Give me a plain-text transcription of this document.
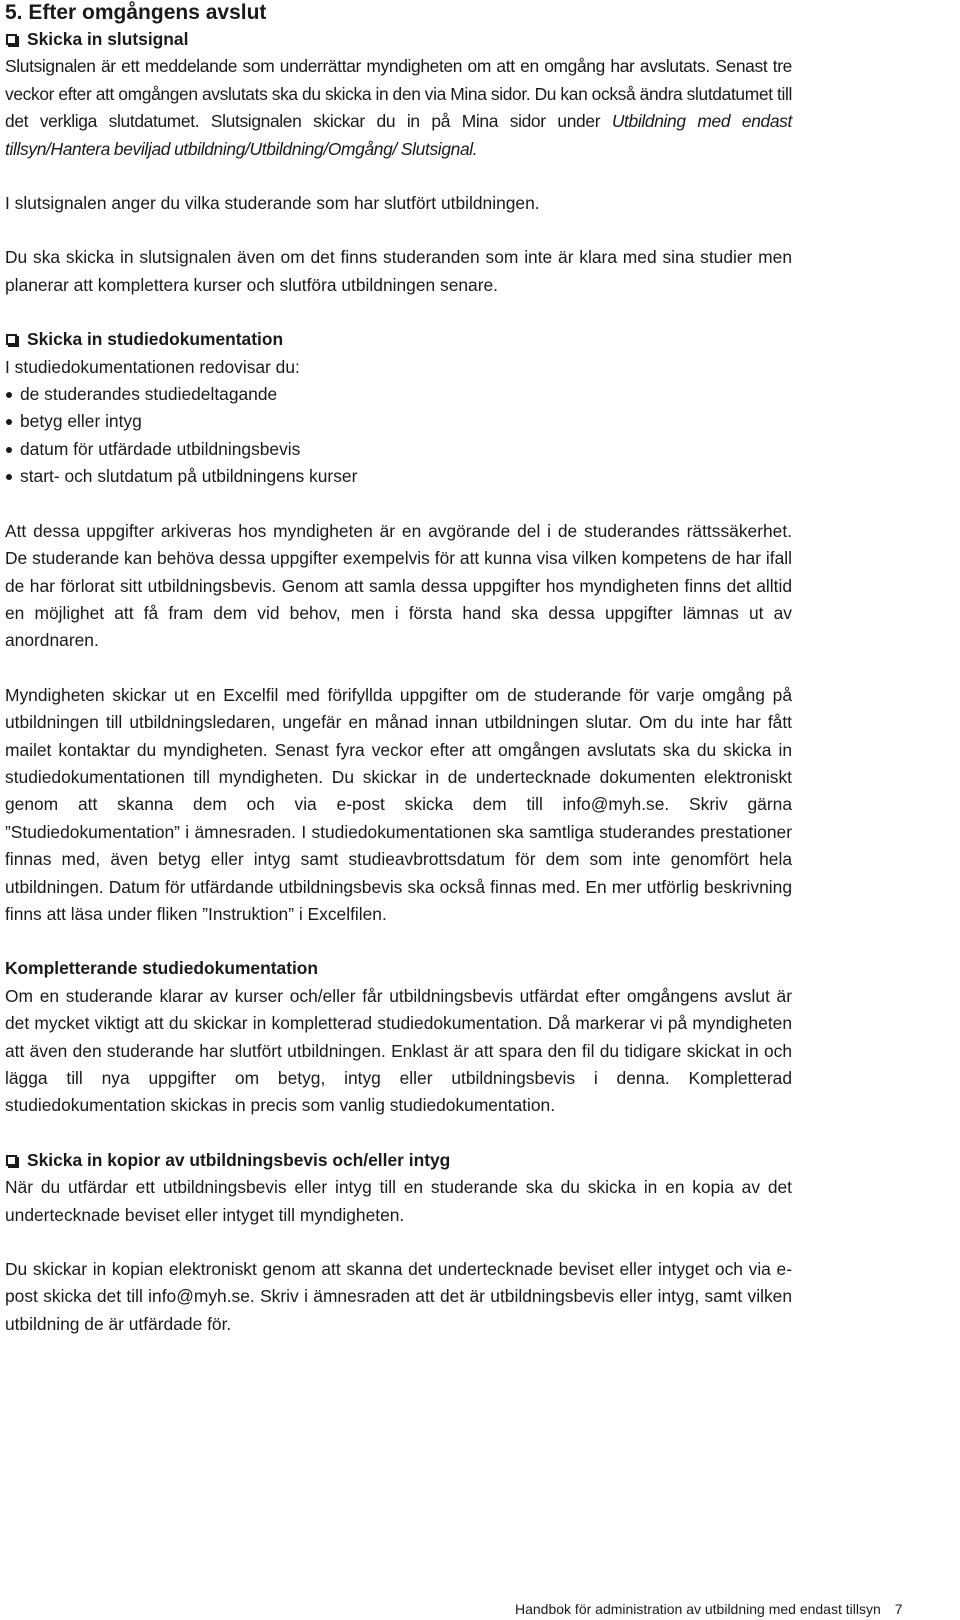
5. Efter omgångens avslut
Skicka in slutsignal

Slutsignalen är ett meddelande som underrättar myndigheten om att en omgång har avslutats. Senast tre veckor efter att omgången avslutats ska du skicka in den via Mina sidor. Du kan också ändra slutdatumet till det verkliga slutdatumet. Slutsignalen skickar du in på Mina sidor under Utbildning med endast tillsyn/Hantera beviljad utbildning/Utbildning/Omgång/ Slutsignal.

I slutsignalen anger du vilka studerande som har slutfört utbildningen.

Du ska skicka in slutsignalen även om det finns studeranden som inte är klara med sina studier men planerar att komplettera kurser och slutföra utbildningen senare.

Skicka in studiedokumentation

I studiedokumentationen redovisar du:

de studerandes studiedeltagande
betyg eller intyg
datum för utfärdade utbildningsbevis
start- och slutdatum på utbildningens kurser

Att dessa uppgifter arkiveras hos myndigheten är en avgörande del i de studerandes rättssäkerhet. De studerande kan behöva dessa uppgifter exempelvis för att kunna visa vilken kompetens de har ifall de har förlorat sitt utbildningsbevis. Genom att samla dessa uppgifter hos myndigheten finns det alltid en möjlighet att få fram dem vid behov, men i första hand ska dessa uppgifter lämnas ut av anordnaren.

Myndigheten skickar ut en Excelfil med förifyllda uppgifter om de studerande för varje omgång på utbildningen till utbildningsledaren, ungefär en månad innan utbildningen slutar. Om du inte har fått mailet kontaktar du myndigheten. Senast fyra veckor efter att omgången avslutats ska du skicka in studiedokumentationen till myndigheten. Du skickar in de undertecknade dokumenten elektroniskt genom att skanna dem och via e-post skicka dem till info@myh.se. Skriv gärna ”Studiedokumentation” i ämnesraden. I studiedokumentationen ska samtliga studerandes prestationer finnas med, även betyg eller intyg samt studieavbrottsdatum för dem som inte genomfört hela utbildningen. Datum för utfärdande utbildningsbevis ska också finnas med. En mer utförlig beskrivning finns att läsa under fliken ”Instruktion” i Excelfilen.

Kompletterande studiedokumentation

Om en studerande klarar av kurser och/eller får utbildningsbevis utfärdat efter omgångens avslut är det mycket viktigt att du skickar in kompletterad studiedokumentation. Då markerar vi på myndigheten att även den studerande har slutfört utbildningen. Enklast är att spara den fil du tidigare skickat in och lägga till nya uppgifter om betyg, intyg eller utbildningsbevis i denna. Kompletterad studiedokumentation skickas in precis som vanlig studiedokumentation.

Skicka in kopior av utbildningsbevis och/eller intyg

När du utfärdar ett utbildningsbevis eller intyg till en studerande ska du skicka in en kopia av det undertecknade beviset eller intyget till myndigheten.

Du skickar in kopian elektroniskt genom att skanna det undertecknade beviset eller intyget och via e-post skicka det till info@myh.se. Skriv i ämnesraden att det är utbildningsbevis eller intyg, samt vilken utbildning de är utfärdade för.

Handbok för administration av utbildning med endast tillsyn 7
